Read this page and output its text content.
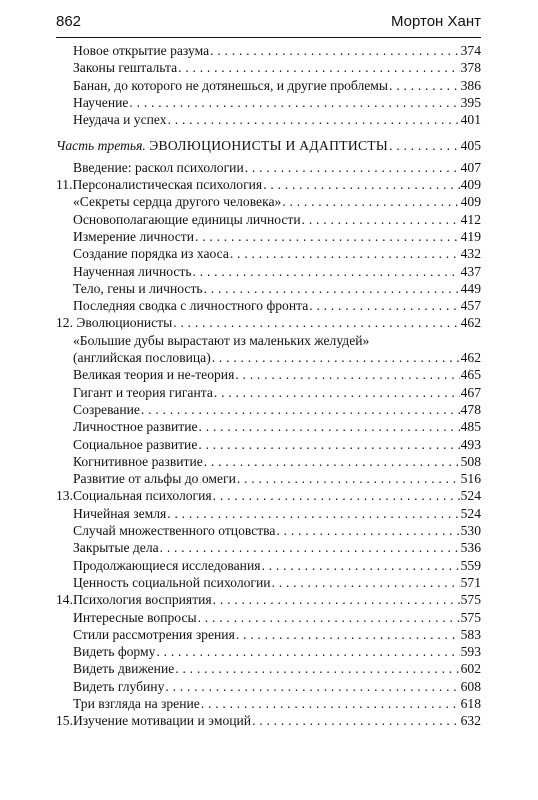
862	Мортон Хант
Новое открытие разума . . .	374
Законы гештальта . . .	378
Банан, до которого не дотянешься, и другие проблемы . . .	386
Научение . . .	395
Неудача и успех . . .	401
Часть третья. ЭВОЛЮЦИОНИСТЫ И АДАПТИСТЫ . . .	405
Введение: раскол психологии . . .	407
11.Персоналистическая психология . . .	409
«Секреты сердца другого человека» . . .	409
Основополагающие единицы личности . . .	412
Измерение личности . . .	419
Создание порядка из хаоса . . .	432
Наученная личность . . .	437
Тело, гены и личность . . .	449
Последняя сводка с личностного фронта . . .	457
12. Эволюционисты . . .	462
«Большие дубы вырастают из маленьких желудей»
(английская пословица) . . .	462
Великая теория и не-теория . . .	465
Гигант и теория гиганта . . .	467
Созревание . . .	478
Личностное развитие . . .	485
Социальное развитие . . .	493
Когнитивное развитие . . .	508
Развитие от альфы до омеги . . .	516
13.Социальная психология . . .	524
Ничейная земля . . .	524
Случай множественного отцовства . . .	530
Закрытые дела . . .	536
Продолжающиеся исследования . . .	559
Ценность социальной психологии . . .	571
14.Психология восприятия . . .	575
Интересные вопросы . . .	575
Стили рассмотрения зрения . . .	583
Видеть форму . . .	593
Видеть движение . . .	602
Видеть глубину . . .	608
Три взгляда на зрение . . .	618
15.Изучение мотивации и эмоций . . .	632
